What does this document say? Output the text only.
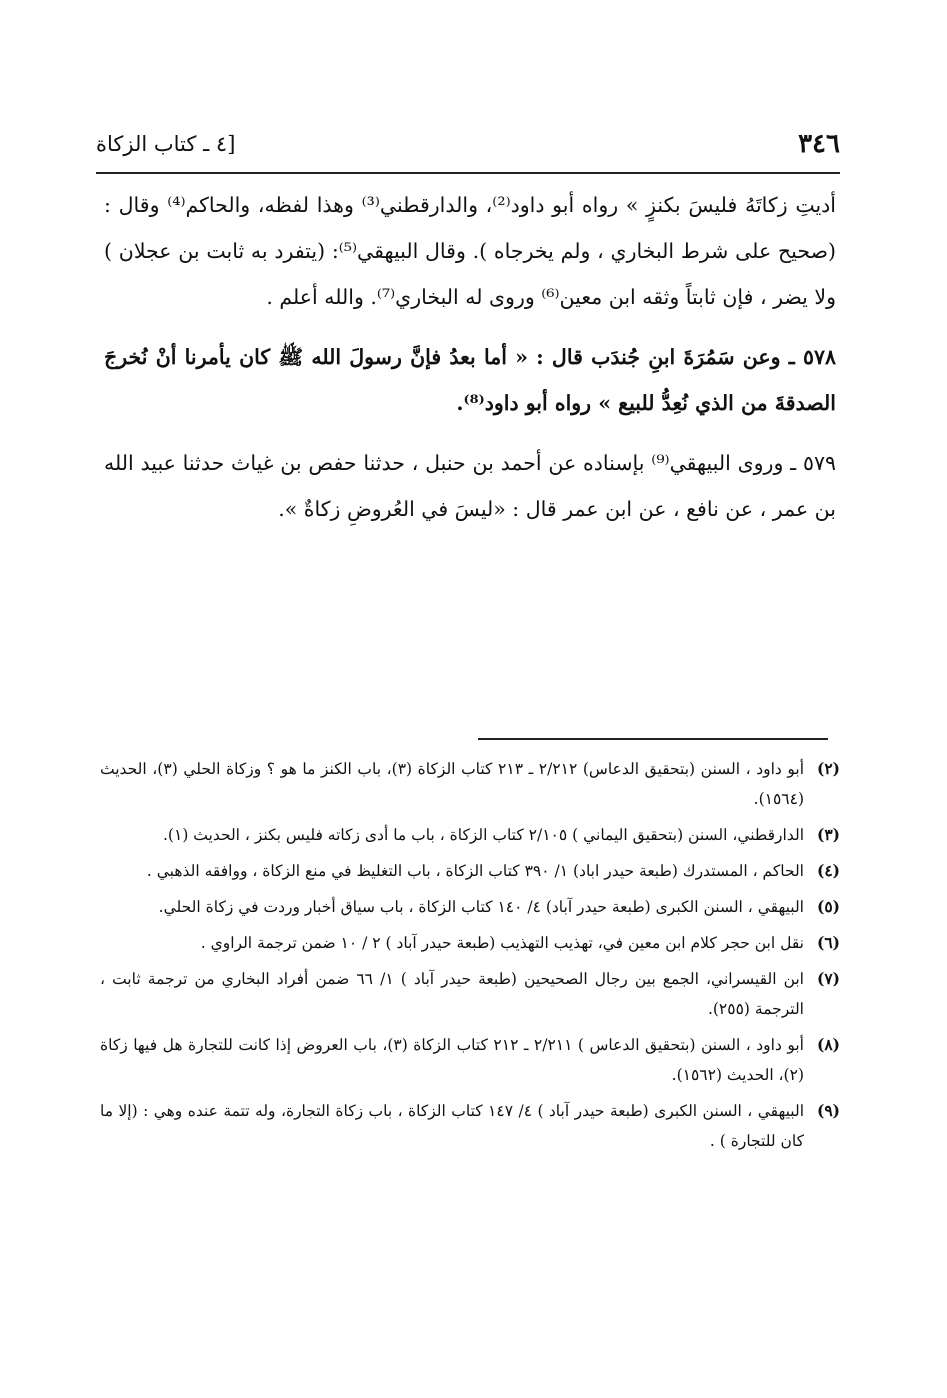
٣٤٦
[٤ ـ كتاب الزكاة

أديتِ زكاتَهُ فليسَ بكنزٍ » رواه أبو داود⁽²⁾، والدارقطني⁽³⁾ وهذا لفظه، والحاكم⁽⁴⁾ وقال : (صحيح على شرط البخاري ، ولم يخرجاه ). وقال البيهقي⁽⁵⁾: (يتفرد به ثابت بن عجلان ) ولا يضر ، فإن ثابتاً وثقه ابن معين⁽⁶⁾ وروى له البخاري⁽⁷⁾. والله أعلم .

٥٧٨ ـ وعن سَمُرَةَ ابنِ جُندَب قال : « أما بعدُ فإنَّ رسولَ الله ﷺ كان يأمرنا أنْ نُخرجَ الصدقةَ من الذي نُعِدُّ للبيع » رواه أبو داود⁽⁸⁾.

٥٧٩ ـ وروى البيهقي⁽⁹⁾ بإسناده عن أحمد بن حنبل ، حدثنا حفص بن غياث حدثنا عبيد الله بن عمر ، عن نافع ، عن ابن عمر قال : «ليسَ في العُروضِ زكاةٌ ».

(٢)
أبو داود ، السنن (بتحقيق الدعاس) ٢/٢١٢ ـ ٢١٣ كتاب الزكاة (٣)، باب الكنز ما هو ؟ وزكاة الحلي (٣)، الحديث (١٥٦٤).
(٣)
الدارقطني، السنن (بتحقيق اليماني ) ٢/١٠٥ كتاب الزكاة ، باب ما أدى زكاته فليس بكنز ، الحديث (١).
(٤)
الحاكم ، المستدرك (طبعة حيدر اباد) ١/ ٣٩٠ كتاب الزكاة ، باب التغليظ في منع الزكاة ، ووافقه الذهبي .
(٥)
البيهقي ، السنن الكبرى (طبعة حيدر آباد) ٤/ ١٤٠ كتاب الزكاة ، باب سياق أخبار وردت في زكاة الحلي.
(٦)
نقل ابن حجر كلام ابن معين في، تهذيب التهذيب (طبعة حيدر آباد ) ٢ / ١٠ ضمن ترجمة الراوي .
(٧)
ابن القيسراني، الجمع بين رجال الصحيحين (طبعة حيدر آباد ) ١/ ٦٦ ضمن أفراد البخاري من ترجمة ثابت ، الترجمة (٢٥٥).
(٨)
أبو داود ، السنن (بتحقيق الدعاس ) ٢/٢١١ ـ ٢١٢ كتاب الزكاة (٣)، باب العروض إذا كانت للتجارة هل فيها زكاة (٢)، الحديث (١٥٦٢).
(٩)
البيهقي ، السنن الكبرى (طبعة حيدر آباد ) ٤/ ١٤٧ كتاب الزكاة ، باب زكاة التجارة، وله تتمة عنده وهي : (إلا ما كان للتجارة ) .
